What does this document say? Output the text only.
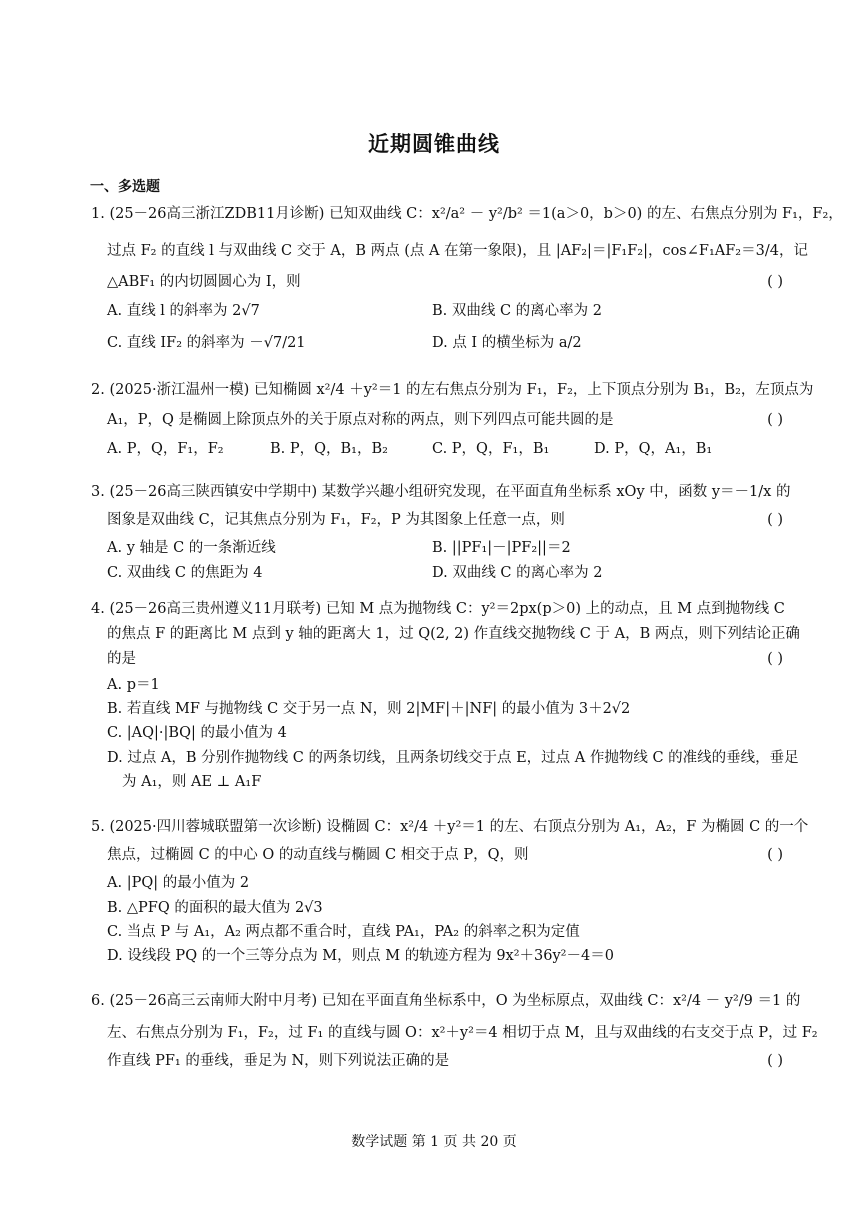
近期圆锥曲线
一、多选题
1. (25－26高三浙江ZDB11月诊断) 已知双曲线 C：x²/a² － y²/b² ＝1(a＞0，b＞0) 的左、右焦点分别为 F₁，F₂，
过点 F₂ 的直线 l 与双曲线 C 交于 A，B 两点 (点 A 在第一象限)，且 |AF₂|＝|F₁F₂|，cos∠F₁AF₂＝3/4，记
△ABF₁ 的内切圆圆心为 I，则	( )
A. 直线 l 的斜率为 2√7	B. 双曲线 C 的离心率为 2
C. 直线 IF₂ 的斜率为 －√7/21	D. 点 I 的横坐标为 a/2
2. (2025·浙江温州一模) 已知椭圆 x²/4 ＋y²＝1 的左右焦点分别为 F₁，F₂，上下顶点分别为 B₁，B₂，左顶点为
A₁，P，Q 是椭圆上除顶点外的关于原点对称的两点，则下列四点可能共圆的是	( )
A. P，Q，F₁，F₂	B. P，Q，B₁，B₂	C. P，Q，F₁，B₁	D. P，Q，A₁，B₁
3. (25－26高三陕西镇安中学期中) 某数学兴趣小组研究发现，在平面直角坐标系 xOy 中，函数 y＝－1/x 的
图象是双曲线 C，记其焦点分别为 F₁，F₂，P 为其图象上任意一点，则	( )
A. y 轴是 C 的一条渐近线	B. ||PF₁|－|PF₂||＝2
C. 双曲线 C 的焦距为 4	D. 双曲线 C 的离心率为 2
4. (25－26高三贵州遵义11月联考) 已知 M 点为抛物线 C：y²＝2px(p＞0) 上的动点，且 M 点到抛物线 C
的焦点 F 的距离比 M 点到 y 轴的距离大 1，过 Q(2, 2) 作直线交抛物线 C 于 A，B 两点，则下列结论正确
的是	( )
A. p＝1
B. 若直线 MF 与抛物线 C 交于另一点 N，则 2|MF|＋|NF| 的最小值为 3＋2√2
C. |AQ|·|BQ| 的最小值为 4
D. 过点 A，B 分别作抛物线 C 的两条切线，且两条切线交于点 E，过点 A 作抛物线 C 的准线的垂线，垂足
为 A₁，则 AE ⊥ A₁F
5. (2025·四川蓉城联盟第一次诊断) 设椭圆 C：x²/4 ＋y²＝1 的左、右顶点分别为 A₁，A₂，F 为椭圆 C 的一个
焦点，过椭圆 C 的中心 O 的动直线与椭圆 C 相交于点 P，Q，则	( )
A. |PQ| 的最小值为 2
B. △PFQ 的面积的最大值为 2√3
C. 当点 P 与 A₁，A₂ 两点都不重合时，直线 PA₁，PA₂ 的斜率之积为定值
D. 设线段 PQ 的一个三等分点为 M，则点 M 的轨迹方程为 9x²＋36y²－4＝0
6. (25－26高三云南师大附中月考) 已知在平面直角坐标系中，O 为坐标原点，双曲线 C：x²/4 － y²/9 ＝1 的
左、右焦点分别为 F₁，F₂，过 F₁ 的直线与圆 O：x²＋y²＝4 相切于点 M，且与双曲线的右支交于点 P，过 F₂
作直线 PF₁ 的垂线，垂足为 N，则下列说法正确的是	( )
数学试题 第 1 页 共 20 页
